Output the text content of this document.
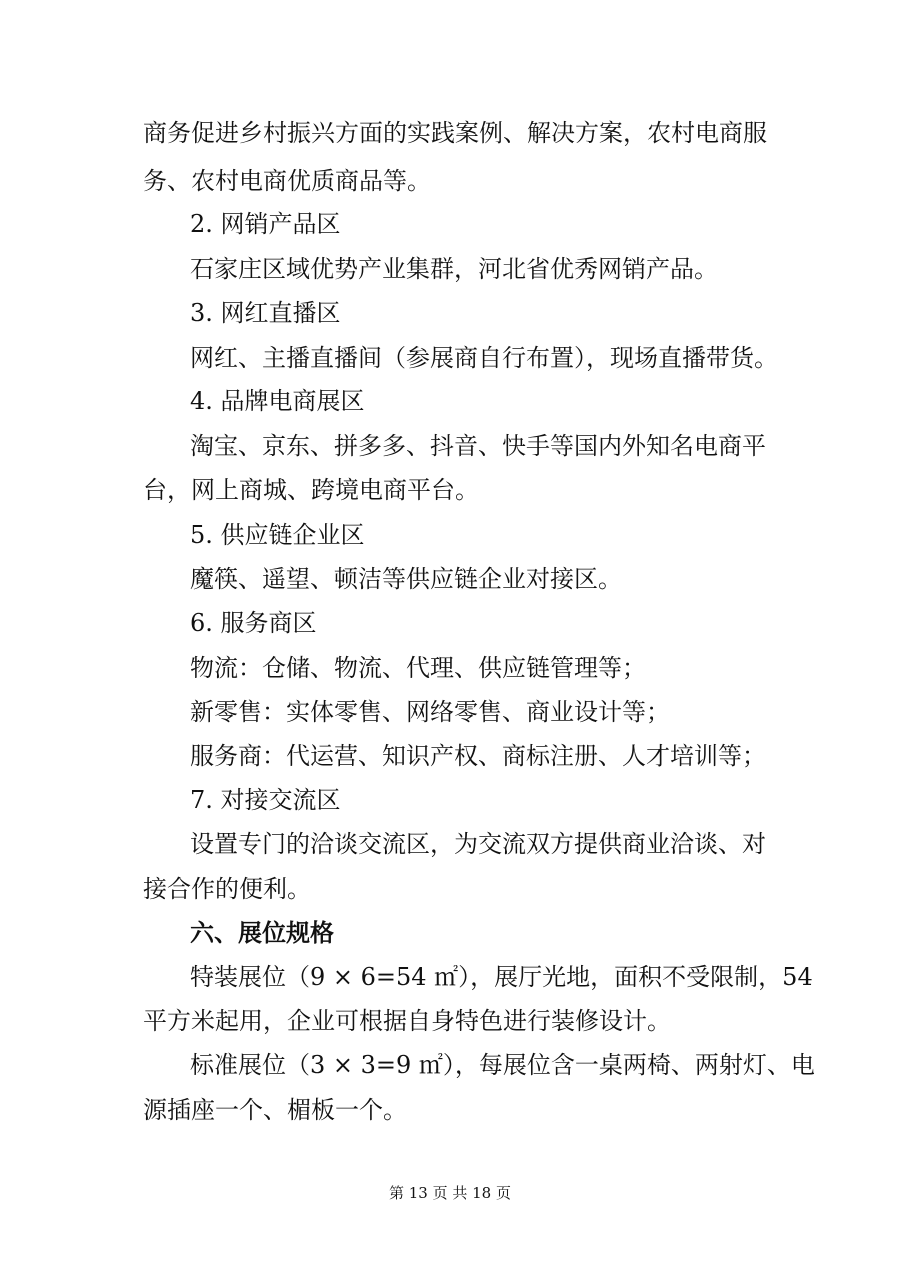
商务促进乡村振兴方面的实践案例、解决方案，农村电商服
务、农村电商优质商品等。
2. 网销产品区
石家庄区域优势产业集群，河北省优秀网销产品。
3. 网红直播区
网红、主播直播间（参展商自行布置），现场直播带货。
4. 品牌电商展区
淘宝、京东、拼多多、抖音、快手等国内外知名电商平
台，网上商城、跨境电商平台。
5. 供应链企业区
魔筷、遥望、顿洁等供应链企业对接区。
6. 服务商区
物流：仓储、物流、代理、供应链管理等；
新零售：实体零售、网络零售、商业设计等；
服务商：代运营、知识产权、商标注册、人才培训等；
7. 对接交流区
设置专门的洽谈交流区，为交流双方提供商业洽谈、对
接合作的便利。
六、展位规格
特装展位（9 × 6=54 ㎡），展厅光地，面积不受限制，54
平方米起用，企业可根据自身特色进行装修设计。
标准展位（3 × 3=9 ㎡），每展位含一桌两椅、两射灯、电
源插座一个、楣板一个。
第 13 页 共 18 页
